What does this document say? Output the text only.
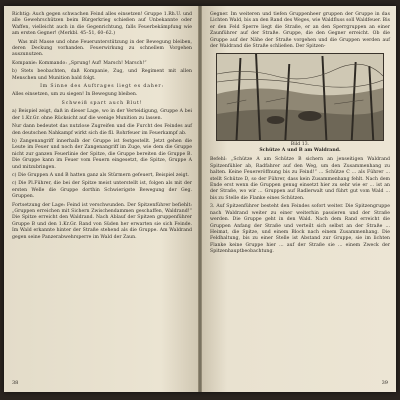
Richtig: Auch gegen schwachen Feind alles einsetzen! Gruppe 1.Rh.U. und alle Gewehrschützen beim Bürgerkrieg schießen auf Unbekannte oder Waffen, vielleicht auch in die Gegenrichtung, falls Feuerbekämpfung wie am ersten Gegner! (Merkbl. 45–51, 60–62.)

Was mit Masse und ohne Feuerunterstützung in der Bewegung bleiben, deren Deckung vorhanden. Feuerwirkung zu schnellem Vorgehen auszunutzen.

Kompanie: Kommando: „Sprung! Auf! Marsch! Marsch!“

b) Stets beobachten, daß Kompanie, Zug, und Regiment mit allen Menschen und Munition bald folgt.

Im Sinne des Auftrages liegt es daher:

Alles einsetzen, um zu siegen! In Bewegung bleiben.

Schweiß spart auch Blut!

a) Beispiel zeigt, daß in dieser Lage, wo in der Verteidigung, Gruppe A bei der 1.Kr.Gr. ohne Rücksicht auf die wenige Munition zu lassen.

Nur dann bedeutet das nutzlose Zugreifen und die Furcht des Feindes auf den deutschen Nahkampf wirkt sich die fll. Rohrfeuer im Feuerkampf ab.

b) Zangenangriff innerhalb der Gruppe ist festgestellt. Jetzt gehen die Leute im Feuer und noch der Zangenangriff im Zuge, wie dem die Gruppe nicht zur ganzen Feuerlinie der Spitze, die Gruppe bereiten die Gruppe B. Die Gruppe kann im Feuer vom Feuern eingesetzt, die Spitze, Gruppe A und mitzubringen.

c) Die Gruppen A und B hatten ganz als Stürmern gefeuert, Beispiel zeigt.

c) Die Pl.Führer, die bei der Spitze meist unterstellt ist, folgen als mit der ersten Welle die Gruppe dorthin Schwierigste Bewegung der Geg. Gruppen.

Fortsetzung der Lage: Feind ist verschwunden. Der Spitzenführer befiehlt: „Gruppen erreichen mit Sichern Zwischendammen geschaffen, Waldrand!“ Die Spitze erreicht den Waldrand. Nach Ablauf der Spitzen gruppenführer Gruppe B und den 1.Kr.Gr. Rand von Süden her erwarten sie sich Feinde. Im Wald erkannte hinter der Straße stehend als die Gruppe. Am Waldrand gegen seine Panzerabwehrsperre im Wald der Zaun.

38

Gegner. Im weiteren und tiefen Gruppenheer gruppen der Gruppe in das Lichten Wald, bis an den Rand des Weges, wie Waldfluss soll Waldfeuer. Bis er den Feld Sperre liegt die Straße, er an den Sperrgruppen an einer Zaunführer auf der Straße. Gruppe, die den Gegner erreicht. Ob die Gruppe auf der Nähe der Straße vorgehen und die Gruppen werden auf der Waldrand die Straße schließen. Der Spitzen‑

Bild 13.

Schütze A und B am Waldrand.

Befehl: „Schütze A am Schütze B sichern an jenseitigen Waldrand Spitzenfühler ab, Radfahrer auf den Weg, um den Zusammenhang zu halten. Keine Feuereröffnung bis zu Feind!“ ... Schütze C ... als Führer ... stellt Schütze D, so der Führer, dass kein Zusammenhang fehlt. Nach dem Ende erst wenn die Gruppen genug einsetzt hier zu sehr wie er ... ist an der Straße, wo wir ... Gruppen auf Radlerwalt und führt gut vom Wald ... bis zu Stelle die Flanke eines Schützen.

3. Auf Spitzenführer besteht den Feindes sofort weiter. Die Spitzengruppe nach Waldrand weiter zu einer weiterhin passieren und der Straße werden. Die Gruppe geht in den Wald. Nach dem Rand erreicht die Gruppen Anfang der Straße und verteilt sich selbst an der Straße ... Heimat, die Spitze, und einem Block nach einem Zusammenhang. Die Feldhaltung, bis zu einer Stelle ist Abstand zur Gruppe, sie im lichten Flanke keine Gruppe hier ... auf der Straße sie ... einem Zweck der Spitzenhauptbeobachtung.

39
